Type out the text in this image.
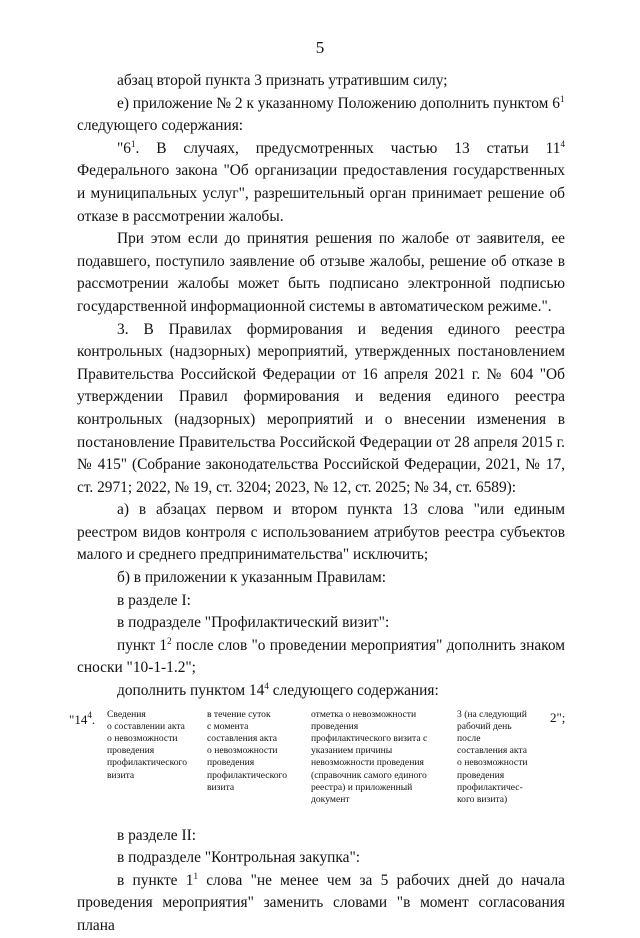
5

абзац второй пункта 3 признать утратившим силу;

е) приложение № 2 к указанному Положению дополнить пунктом $6^1$

следующего содержания:

"$6^1$. В случаях, предусмотренных частью 13 статьи $11^4$ Федерального закона "Об организации предоставления государственных и муниципальных услуг", разрешительный орган принимает решение об отказе в рассмотрении жалобы.

При этом если до принятия решения по жалобе от заявителя, ее подавшего, поступило заявление об отзыве жалобы, решение об отказе в рассмотрении жалобы может быть подписано электронной подписью государственной информационной системы в автоматическом режиме.".

3. В Правилах формирования и ведения единого реестра контрольных (надзорных) мероприятий, утвержденных постановлением Правительства Российской Федерации от 16 апреля 2021 г. № 604 "Об утверждении Правил формирования и ведения единого реестра контрольных (надзорных) мероприятий и о внесении изменения в постановление Правительства Российской Федерации от 28 апреля 2015 г. № 415" (Собрание законодательства Российской Федерации, 2021, № 17, ст. 2971; 2022, № 19, ст. 3204; 2023, № 12, ст. 2025; № 34, ст. 6589):

а) в абзацах первом и втором пункта 13 слова "или единым реестром видов контроля с использованием атрибутов реестра субъектов малого и среднего предпринимательства" исключить;

б) в приложении к указанным Правилам:

в разделе I:

в подразделе "Профилактический визит":

пункт $1^2$ после слов "о проведении мероприятия" дополнить знаком сноски "10-1-1.2";

дополнить пунктом $14^4$ следующего содержания:

"$14^4$. Сведения
о составлении акта
о невозможности
проведения
профилактического
визита
в течение суток
с момента
составления акта
о невозможности
проведения
профилактического
визита
отметка о невозможности
проведения
профилактического визита с
указанием причины
невозможности проведения
(справочник самого единого
реестра) и приложенный
документ
3 (на следующий
рабочий день
после
составления акта
о невозможности
проведения
профилактичес-
кого визита)
2";

в разделе II:

в подразделе "Контрольная закупка":

в пункте $1^1$ слова "не менее чем за 5 рабочих дней до начала проведения мероприятия" заменить словами "в момент согласования плана
